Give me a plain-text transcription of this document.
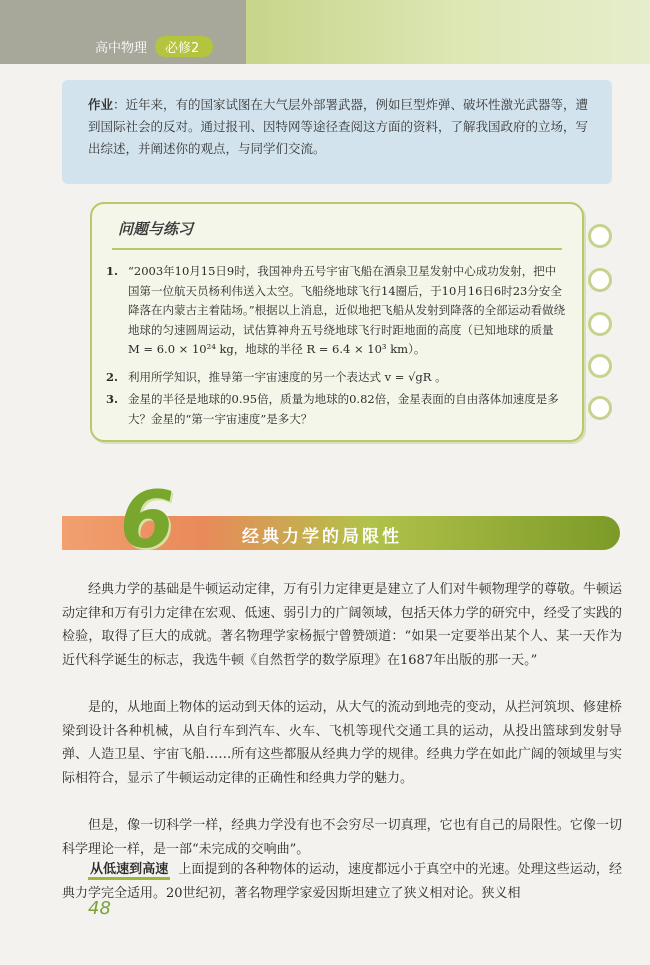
高中物理	必修2
作业：近年来，有的国家试图在大气层外部署武器，例如巨型炸弹、破坏性激光武器等，遭到国际社会的反对。通过报刊、因特网等途径查阅这方面的资料，了解我国政府的立场，写出综述，并阐述你的观点，与同学们交流。
问题与练习
1. “2003年10月15日9时，我国神舟五号宇宙飞船在酒泉卫星发射中心成功发射，把中国第一位航天员杨利伟送入太空。飞船绕地球飞行14圈后，于10月16日6时23分安全降落在内蒙古主着陆场。”根据以上消息，近似地把飞船从发射到降落的全部运动看做绕地球的匀速圆周运动，试估算神舟五号绕地球飞行时距地面的高度（已知地球的质量 M = 6.0 × 10²⁴ kg，地球的半径 R = 6.4 × 10³ km）。
2. 利用所学知识，推导第一宇宙速度的另一个表达式 v = √gR 。
3. 金星的半径是地球的0.95倍，质量为地球的0.82倍，金星表面的自由落体加速度是多大？金星的“第一宇宙速度”是多大？
6	经典力学的局限性
经典力学的基础是牛顿运动定律，万有引力定律更是建立了人们对牛顿物理学的尊敬。牛顿运动定律和万有引力定律在宏观、低速、弱引力的广阔领域，包括天体力学的研究中，经受了实践的检验，取得了巨大的成就。著名物理学家杨振宁曾赞颂道：“如果一定要举出某个人、某一天作为近代科学诞生的标志，我选牛顿《自然哲学的数学原理》在1687年出版的那一天。”
是的，从地面上物体的运动到天体的运动，从大气的流动到地壳的变动，从拦河筑坝、修建桥梁到设计各种机械，从自行车到汽车、火车、飞机等现代交通工具的运动，从投出篮球到发射导弹、人造卫星、宇宙飞船……所有这些都服从经典力学的规律。经典力学在如此广阔的领域里与实际相符合，显示了牛顿运动定律的正确性和经典力学的魅力。
但是，像一切科学一样，经典力学没有也不会穷尽一切真理，它也有自己的局限性。它像一切科学理论一样，是一部“未完成的交响曲”。
从低速到高速 上面提到的各种物体的运动，速度都远小于真空中的光速。处理这些运动，经典力学完全适用。20世纪初，著名物理学家爱因斯坦建立了狭义相对论。狭义相
48
